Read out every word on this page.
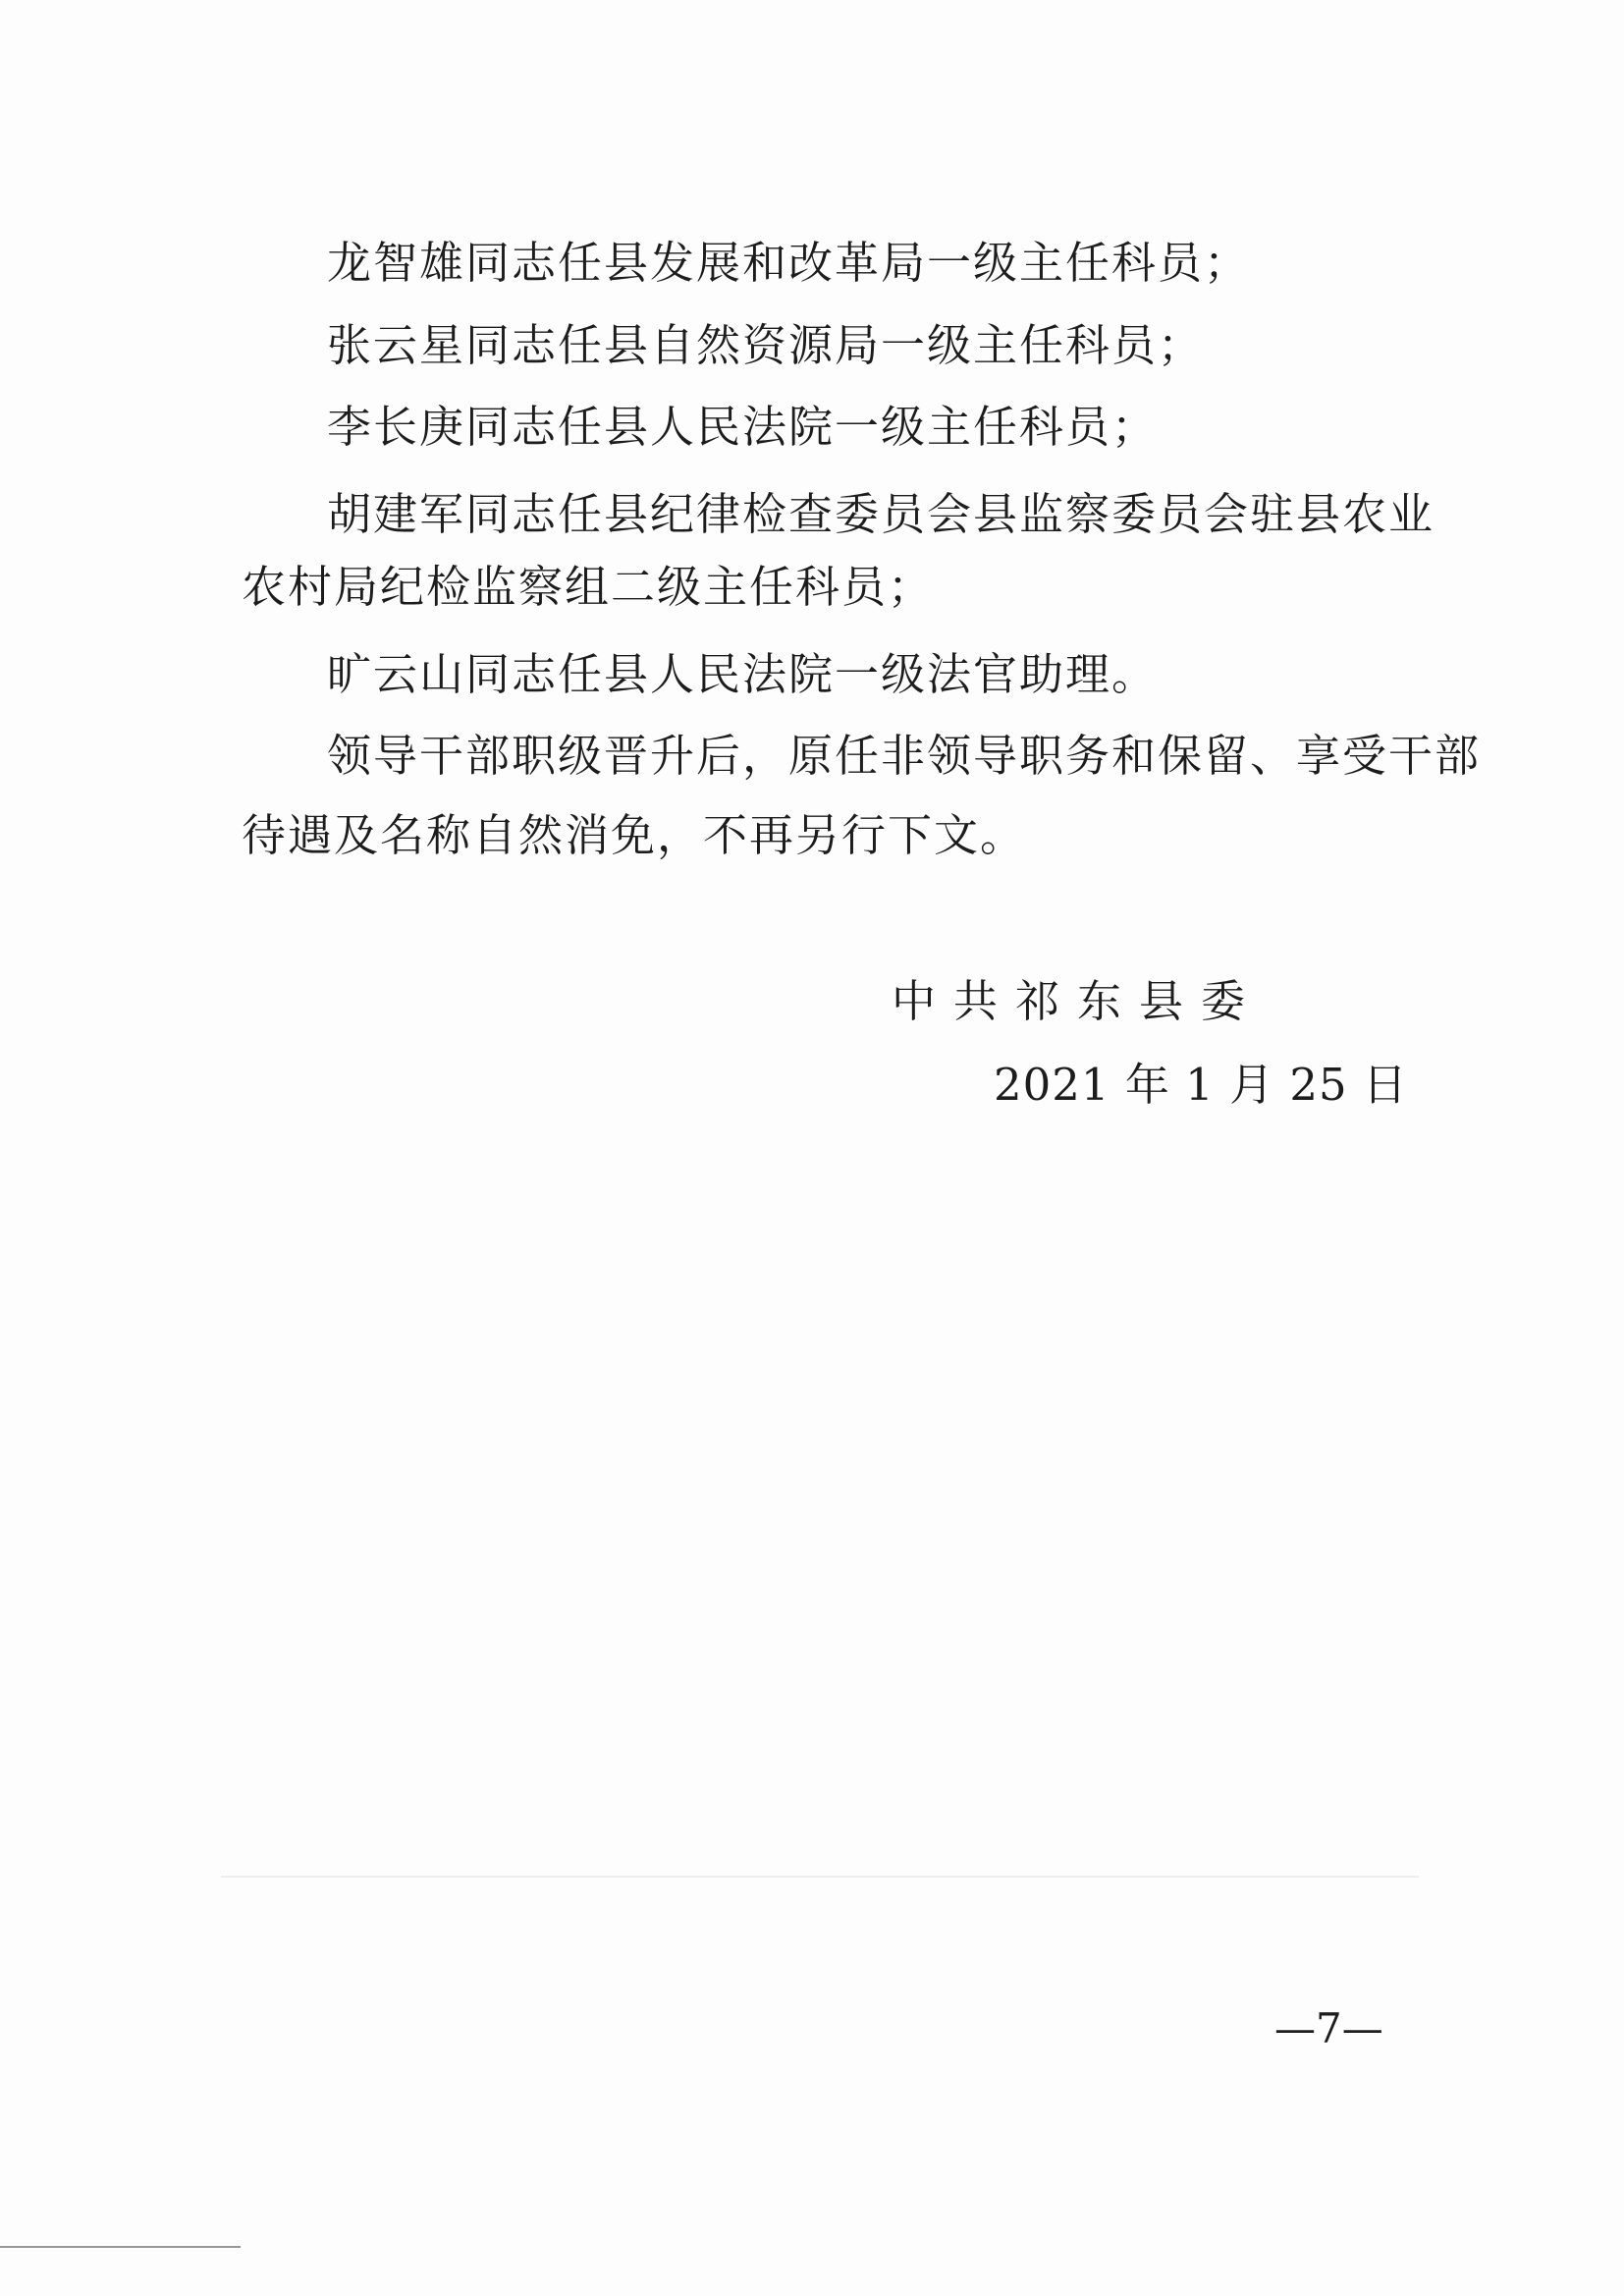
龙智雄同志任县发展和改革局一级主任科员；
张云星同志任县自然资源局一级主任科员；
李长庚同志任县人民法院一级主任科员；
胡建军同志任县纪律检查委员会县监察委员会驻县农业
农村局纪检监察组二级主任科员；
旷云山同志任县人民法院一级法官助理。
领导干部职级晋升后，原任非领导职务和保留、享受干部
待遇及名称自然消免，不再另行下文。
中共祁东县委
2021 年 1 月 25 日
—7—
